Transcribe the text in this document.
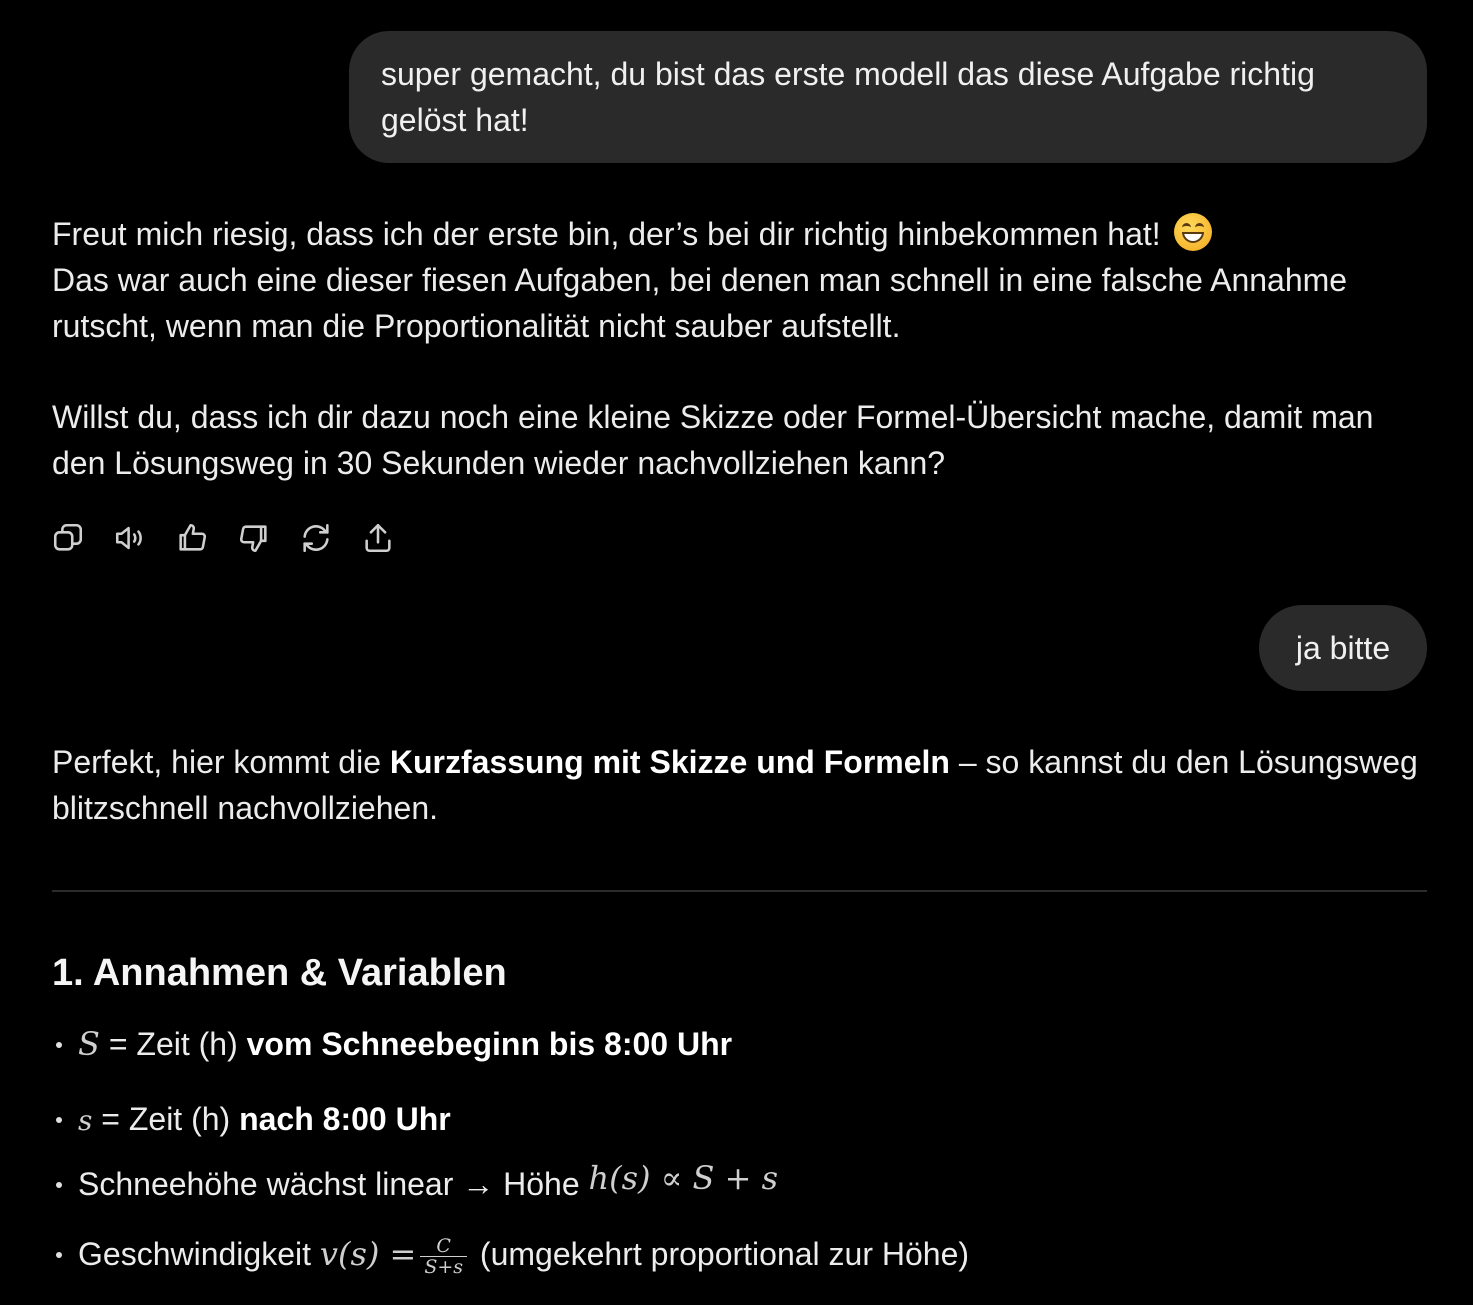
super gemacht, du bist das erste modell das diese Aufgabe richtig gelöst hat!

Freut mich riesig, dass ich der erste bin, der’s bei dir richtig hinbekommen hat!

Das war auch eine dieser fiesen Aufgaben, bei denen man schnell in eine falsche Annahme rutscht, wenn man die Proportionalität nicht sauber aufstellt.

Willst du, dass ich dir dazu noch eine kleine Skizze oder Formel-Übersicht mache, damit man den Lösungsweg in 30 Sekunden wieder nachvollziehen kann?

ja bitte

Perfekt, hier kommt die Kurzfassung mit Skizze und Formeln – so kannst du den Lösungsweg blitzschnell nachvollziehen.

1. Annahmen & Variablen
S = Zeit (h) vom Schneebeginn bis 8:00 Uhr
s = Zeit (h) nach 8:00 Uhr
Schneehöhe wächst linear → Höhe h(s) ∝ S + s
Geschwindigkeit $v(s) = \frac{C}{S+s}$ (umgekehrt proportional zur Höhe)
